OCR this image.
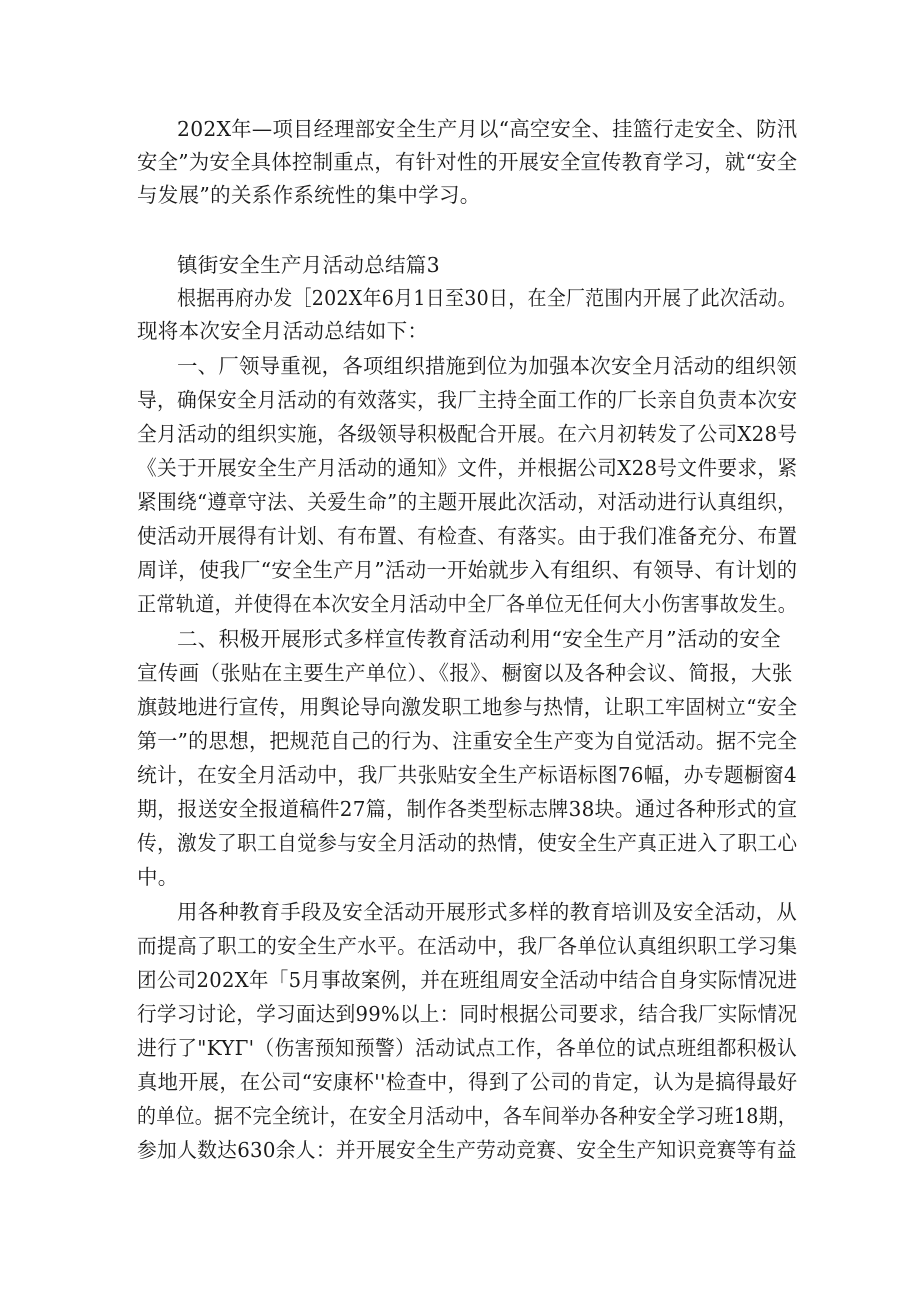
202X年—项目经理部安全生产月以“高空安全、挂篮行走安全、防汛
安全”为安全具体控制重点，有针对性的开展安全宣传教育学习，就“安全
与发展”的关系作系统性的集中学习。
镇街安全生产月活动总结篇3
根据再府办发［202X年6月1日至30日，在全厂范围内开展了此次活动。
现将本次安全月活动总结如下：
一、厂领导重视，各项组织措施到位为加强本次安全月活动的组织领
导，确保安全月活动的有效落实，我厂主持全面工作的厂长亲自负责本次安
全月活动的组织实施，各级领导积极配合开展。在六月初转发了公司X28号
《关于开展安全生产月活动的通知》文件，并根据公司X28号文件要求，紧
紧围绕“遵章守法、关爱生命”的主题开展此次活动，对活动进行认真组织，
使活动开展得有计划、有布置、有检查、有落实。由于我们准备充分、布置
周详，使我厂“安全生产月”活动一开始就步入有组织、有领导、有计划的
正常轨道，并使得在本次安全月活动中全厂各单位无任何大小伤害事故发生。
二、积极开展形式多样宣传教育活动利用“安全生产月”活动的安全
宣传画（张贴在主要生产单位）、《报》、橱窗以及各种会议、简报，大张
旗鼓地进行宣传，用舆论导向激发职工地参与热情，让职工牢固树立“安全
第一”的思想，把规范自己的行为、注重安全生产变为自觉活动。据不完全
统计，在安全月活动中，我厂共张贴安全生产标语标图76幅，办专题橱窗4
期，报送安全报道稿件27篇，制作各类型标志牌38块。通过各种形式的宣
传，激发了职工自觉参与安全月活动的热情，使安全生产真正进入了职工心
中。
用各种教育手段及安全活动开展形式多样的教育培训及安全活动，从
而提高了职工的安全生产水平。在活动中，我厂各单位认真组织职工学习集
团公司202X年「5月事故案例，并在班组周安全活动中结合自身实际情况进
行学习讨论，学习面达到99%以上：同时根据公司要求，结合我厂实际情况
进行了"KYΓ'（伤害预知预警）活动试点工作，各单位的试点班组都积极认
真地开展，在公司“安康杯''检查中，得到了公司的肯定，认为是搞得最好
的单位。据不完全统计，在安全月活动中，各车间举办各种安全学习班18期，
参加人数达630余人：并开展安全生产劳动竞赛、安全生产知识竞赛等有益
